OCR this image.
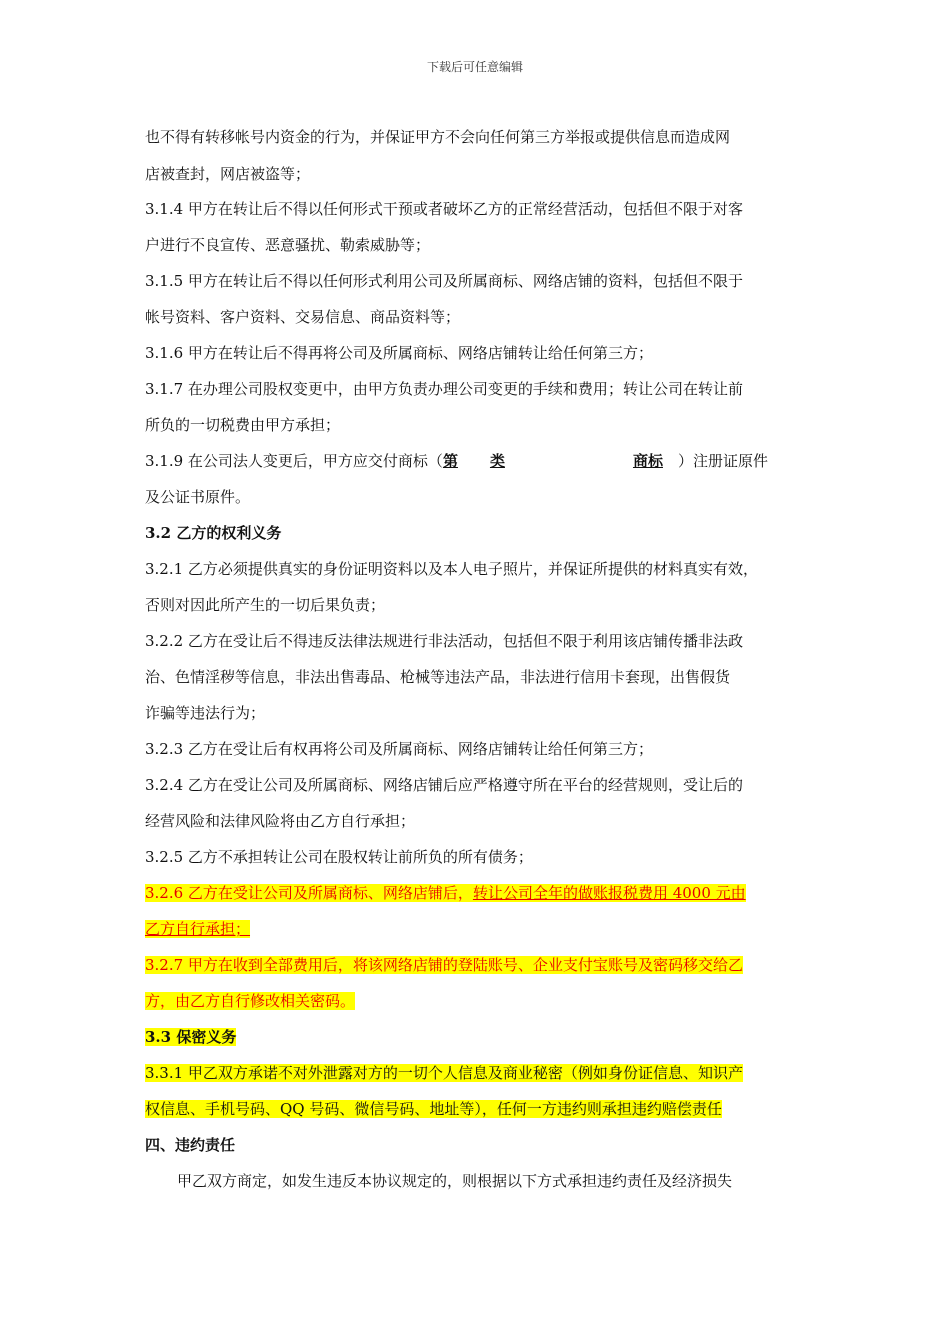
下载后可任意编辑
也不得有转移帐号内资金的行为，并保证甲方不会向任何第三方举报或提供信息而造成网
店被查封，网店被盗等；
3.1.4 甲方在转让后不得以任何形式干预或者破坏乙方的正常经营活动，包括但不限于对客
户进行不良宣传、恶意骚扰、勒索威胁等；
3.1.5 甲方在转让后不得以任何形式利用公司及所属商标、网络店铺的资料，包括但不限于
帐号资料、客户资料、交易信息、商品资料等；
3.1.6 甲方在转让后不得再将公司及所属商标、网络店铺转让给任何第三方；
3.1.7 在办理公司股权变更中，由甲方负责办理公司变更的手续和费用；转让公司在转让前
所负的一切税费由甲方承担；
3.1.9 在公司法人变更后，甲方应交付商标（第 类	商标 ）注册证原件
及公证书原件。
3.2 乙方的权利义务
3.2.1 乙方必须提供真实的身份证明资料以及本人电子照片，并保证所提供的材料真实有效，
否则对因此所产生的一切后果负责；
3.2.2 乙方在受让后不得违反法律法规进行非法活动，包括但不限于利用该店铺传播非法政
治、色情淫秽等信息，非法出售毒品、枪械等违法产品，非法进行信用卡套现，出售假货
诈骗等违法行为；
3.2.3 乙方在受让后有权再将公司及所属商标、网络店铺转让给任何第三方；
3.2.4 乙方在受让公司及所属商标、网络店铺后应严格遵守所在平台的经营规则，受让后的
经营风险和法律风险将由乙方自行承担；
3.2.5 乙方不承担转让公司在股权转让前所负的所有债务；
3.2.6 乙方在受让公司及所属商标、网络店铺后，转让公司全年的做账报税费用 4000 元由
乙方自行承担；
3.2.7 甲方在收到全部费用后，将该网络店铺的登陆账号、企业支付宝账号及密码移交给乙
方，由乙方自行修改相关密码。
3.3 保密义务
3.3.1 甲乙双方承诺不对外泄露对方的一切个人信息及商业秘密（例如身份证信息、知识产
权信息、手机号码、QQ 号码、微信号码、地址等），任何一方违约则承担违约赔偿责任
四、违约责任
甲乙双方商定，如发生违反本协议规定的，则根据以下方式承担违约责任及经济损失
